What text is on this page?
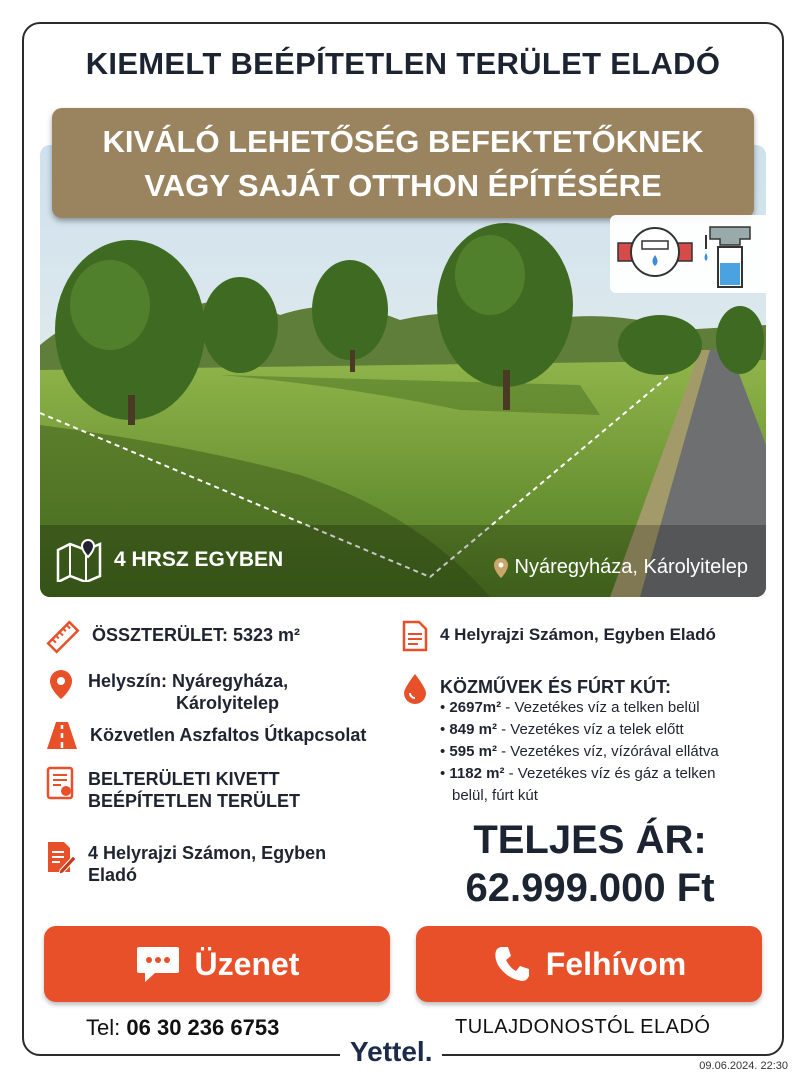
KIEMELT BEÉPÍTETLEN TERÜLET ELADÓ
KIVÁLÓ LEHETŐSÉG BEFEKTETŐKNEK
VAGY SAJÁT OTTHON ÉPÍTÉSÉRE
4 HRSZ EGYBEN	Nyáregyháza, Károlyitelep
ÖSSZTERÜLET: 5323 m²
Helyszín: Nyáregyháza,
Károlyitelep
Közvetlen Aszfaltos Útkapcsolat
BELTERÜLETI KIVETT
BEÉPÍTETLEN TERÜLET
4 Helyrajzi Számon, Egyben
Eladó
4 Helyrajzi Számon, Egyben Eladó
KÖZMŰVEK ÉS FÚRT KÚT:
• 2697m² - Vezetékes víz a telken belül
• 849 m² - Vezetékes víz a telek előtt
• 595 m² - Vezetékes víz, vízórával ellátva
• 1182 m² - Vezetékes víz és gáz a telken
belül, fúrt kút
TELJES ÁR:
62.999.000 Ft
Üzenet	Felhívom
Tel: 06 30 236 6753	TULAJDONOSTÓL ELADÓ
Yettel.	09.06.2024. 22:30
